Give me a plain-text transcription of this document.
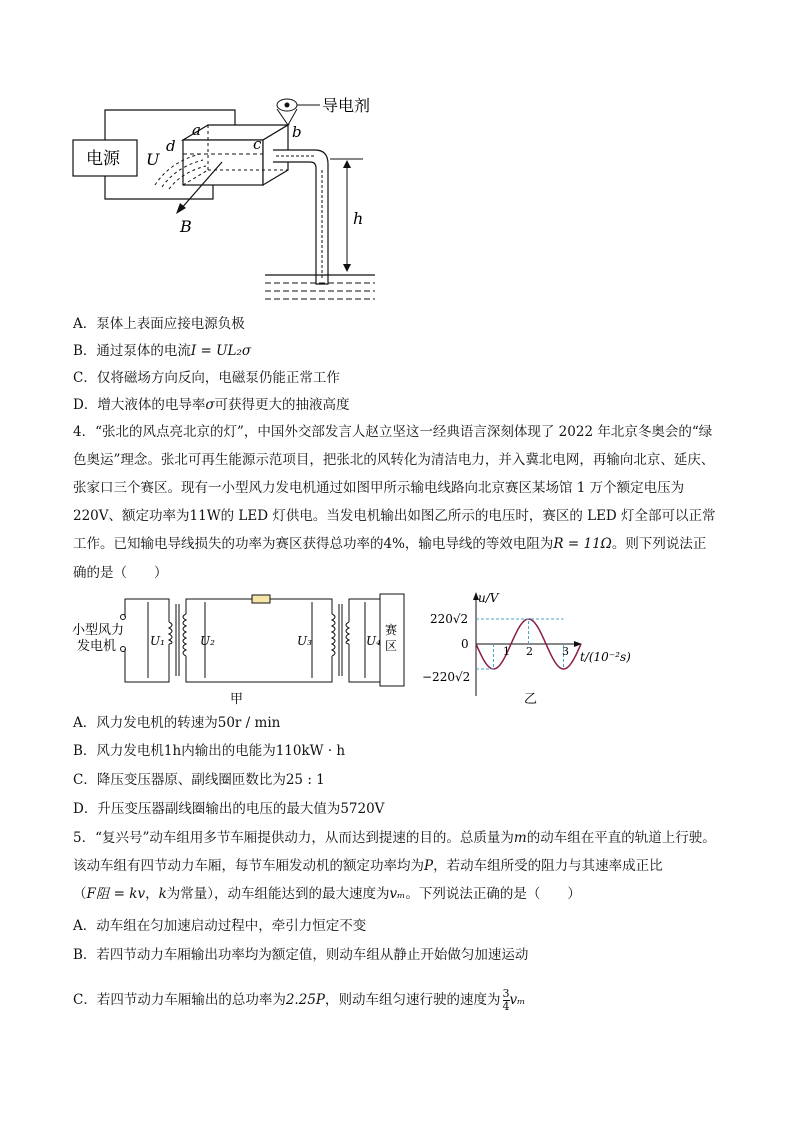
电源
导电剂
h
a	b
c
d
U
B
A．泵体上表面应接电源负极
B．通过泵体的电流I = UL₂σ
C．仅将磁场方向反向，电磁泵仍能正常工作
D．增大液体的电导率σ可获得更大的抽液高度
4．“张北的风点亮北京的灯”，中国外交部发言人赵立坚这一经典语言深刻体现了 2022 年北京冬奥会的“绿
色奥运”理念。张北可再生能源示范项目，把张北的风转化为清洁电力，并入冀北电网，再输向北京、延庆、
张家口三个赛区。现有一小型风力发电机通过如图甲所示输电线路向北京赛区某场馆 1 万个额定电压为
220V、额定功率为11W的 LED 灯供电。当发电机输出如图乙所示的电压时，赛区的 LED 灯全部可以正常
工作。已知输电导线损失的功率为赛区获得总功率的4%，输电导线的等效电阻为R = 11Ω。则下列说法正
确的是（　　）
小型风力
发电机	U₁	U₂	U₃	U₄
赛
区
甲
u/V
220√2
0
−220√2
t/(10⁻²s)
1 2	3
乙
A．风力发电机的转速为50r / min
B．风力发电机1h内输出的电能为110kW · h
C．降压变压器原、副线圈匝数比为25 : 1
D．升压变压器副线圈输出的电压的最大值为5720V
5．“复兴号”动车组用多节车厢提供动力，从而达到提速的目的。总质量为m的动车组在平直的轨道上行驶。
该动车组有四节动力车厢，每节车厢发动机的额定功率均为P，若动车组所受的阻力与其速率成正比
（F阻 = kv，k为常量），动车组能达到的最大速度为vₘ。下列说法正确的是（　　）
A．动车组在匀加速启动过程中，牵引力恒定不变
B．若四节动力车厢输出功率均为额定值，则动车组从静止开始做匀加速运动
C．若四节动力车厢输出的总功率为2.25P，则动车组匀速行驶的速度为 $\frac{3}{4}$ vₘ
